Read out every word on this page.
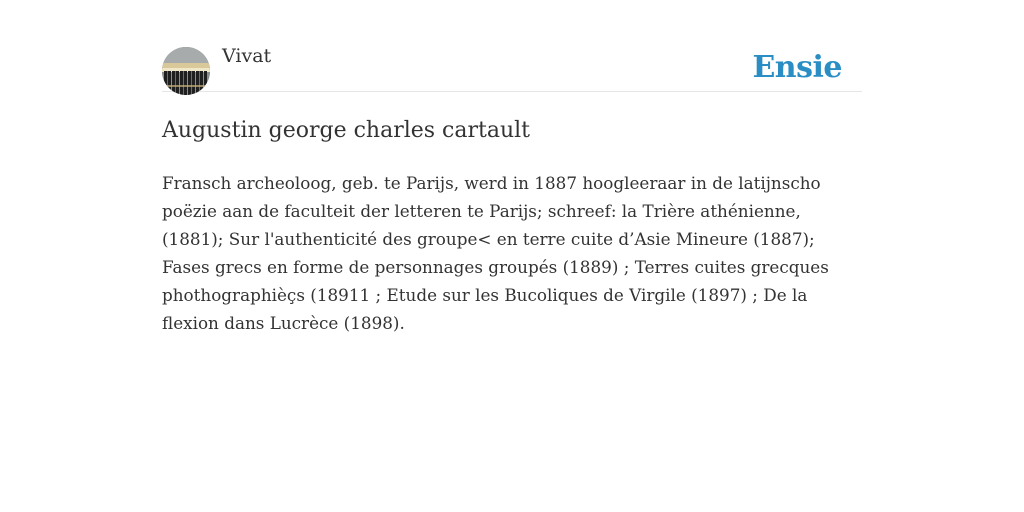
Vivat	Ensie
Augustin george charles cartault

Fransch archeoloog, geb. te Parijs, werd in 1887 hoogleeraar in de latijnscho poëzie aan de faculteit der letteren te Parijs; schreef: la Trière athénienne, (1881); Sur l'authenticité des groupe< en terre cuite d’Asie Mineure (1887); Fases grecs en forme de personnages groupés (1889) ; Terres cuites grecques phothographièçs (18911 ; Etude sur les Bucoliques de Virgile (1897) ; De la flexion dans Lucrèce (1898).
